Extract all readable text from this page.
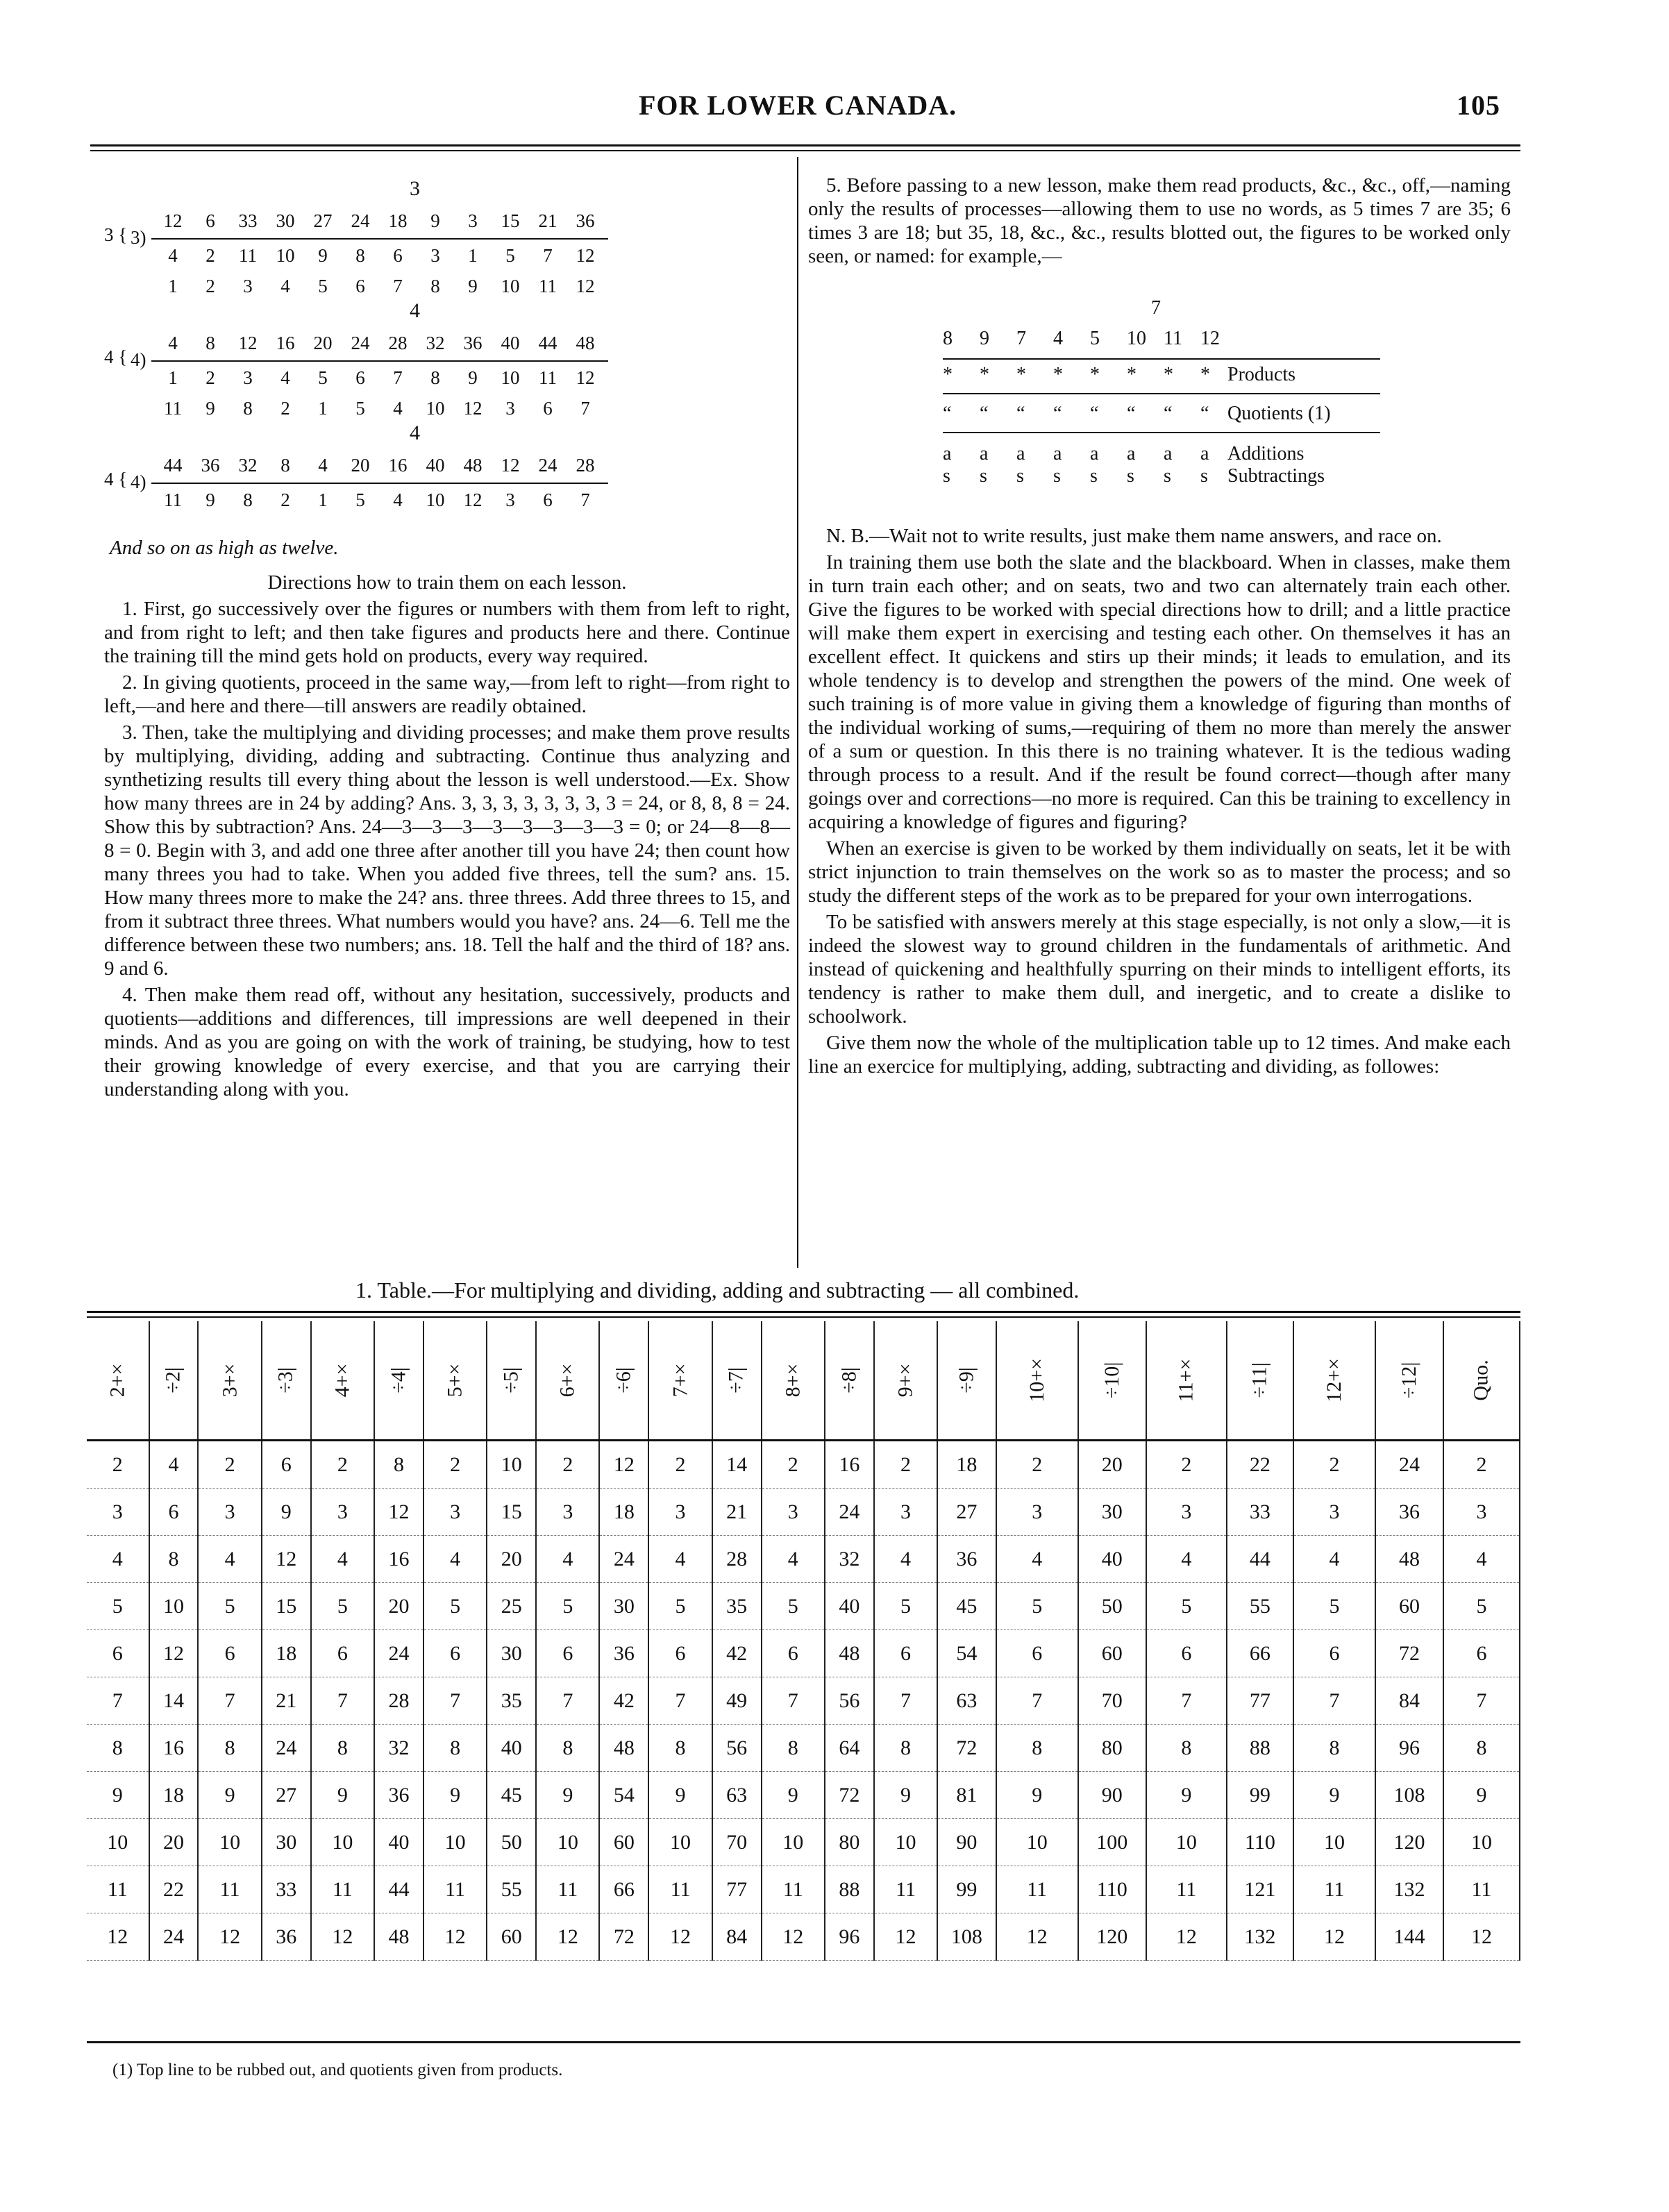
FOR LOWER CANADA.	105
3
3 { 3)
12	6	33	30	27	24	18	9	3	15	21	36
4	2	11	10	9	8	6	3	1	5	7	12
1	2	3	4	5	6	7	8	9	10	11	12
4
4 { 4)
4	8	12	16	20	24	28	32	36	40	44	48
1	2	3	4	5	6	7	8	9	10	11	12
11	9	8	2	1	5	4	10	12	3	6	7
4
4 { 4)
44	36	32	8	4	20	16	40	48	12	24	28
11	9	8	2	1	5	4	10	12	3	6	7
And so on as high as twelve.

Directions how to train them on each lesson.

1. First, go successively over the figures or numbers with them from left to right, and from right to left; and then take figures and products here and there. Continue the training till the mind gets hold on products, every way required.

2. In giving quotients, proceed in the same way,—from left to right—from right to left,—and here and there—till answers are readily obtained.

3. Then, take the multiplying and dividing processes; and make them prove results by multiplying, dividing, adding and subtracting. Continue thus analyzing and synthetizing results till every thing about the lesson is well understood.—Ex. Show how many threes are in 24 by adding? Ans. 3, 3, 3, 3, 3, 3, 3, 3 = 24, or 8, 8, 8 = 24. Show this by subtraction? Ans. 24—3—3—3—3—3—3—3—3 = 0; or 24—8—8—8 = 0. Begin with 3, and add one three after another till you have 24; then count how many threes you had to take. When you added five threes, tell the sum? ans. 15. How many threes more to make the 24? ans. three threes. Add three threes to 15, and from it subtract three threes. What numbers would you have? ans. 24—6. Tell me the difference between these two numbers; ans. 18. Tell the half and the third of 18? ans. 9 and 6.

4. Then make them read off, without any hesitation, successively, products and quotients—additions and differences, till impressions are well deepened in their minds. And as you are going on with the work of training, be studying, how to test their growing knowledge of every exercise, and that you are carrying their understanding along with you.

5. Before passing to a new lesson, make them read products, &c., &c., off,—naming only the results of processes—allowing them to use no words, as 5 times 7 are 35; 6 times 3 are 18; but 35, 18, &c., &c., results blotted out, the figures to be worked only seen, or named: for example,—

7
8	9	7	4	5	10 11 12
*	*	*	*	*	*	*	* Products
“	“	“	“	“	“	“	“ Quotients (1)
a	a	a	a	a	a	a	a Additions
s	s	s	s	s	s	s	s	Subtractings

N. B.—Wait not to write results, just make them name answers, and race on.

In training them use both the slate and the blackboard. When in classes, make them in turn train each other; and on seats, two and two can alternately train each other. Give the figures to be worked with special directions how to drill; and a little practice will make them expert in exercising and testing each other. On themselves it has an excellent effect. It quickens and stirs up their minds; it leads to emulation, and its whole tendency is to develop and strengthen the powers of the mind. One week of such training is of more value in giving them a knowledge of figuring than months of the individual working of sums,—requiring of them no more than merely the answer of a sum or question. In this there is no training whatever. It is the tedious wading through process to a result. And if the result be found correct—though after many goings over and corrections—no more is required. Can this be training to excellency in acquiring a knowledge of figures and figuring?

When an exercise is given to be worked by them individually on seats, let it be with strict injunction to train themselves on the work so as to master the process; and so study the different steps of the work as to be prepared for your own interrogations.

To be satisfied with answers merely at this stage especially, is not only a slow,—it is indeed the slowest way to ground children in the fundamentals of arithmetic. And instead of quickening and healthfully spurring on their minds to intelligent efforts, its tendency is rather to make them dull, and inergetic, and to create a dislike to schoolwork.

Give them now the whole of the multiplication table up to 12 times. And make each line an exercice for multiplying, adding, subtracting and dividing, as followes:

1. Table.—For multiplying and dividing, adding and subtracting — all combined.
2+×	÷2|	3+×	÷3|	4+×	÷4|	5+×	÷5|	6+×	÷6|	7+×	÷7|	8+×	÷8|	9+×	÷9|	10+×	÷10|	11+×	÷11|	12+×	÷12|	Quo.
2	4	2	6	2	8	2	10	2	12	2	14	2	16	2	18	2	20	2	22	2	24	2
3	6	3	9	3	12	3	15	3	18	3	21	3	24	3	27	3	30	3	33	3	36	3
4	8	4	12	4	16	4	20	4	24	4	28	4	32	4	36	4	40	4	44	4	48	4
5	10	5	15	5	20	5	25	5	30	5	35	5	40	5	45	5	50	5	55	5	60	5
6	12	6	18	6	24	6	30	6	36	6	42	6	48	6	54	6	60	6	66	6	72	6
7	14	7	21	7	28	7	35	7	42	7	49	7	56	7	63	7	70	7	77	7	84	7
8	16	8	24	8	32	8	40	8	48	8	56	8	64	8	72	8	80	8	88	8	96	8
9	18	9	27	9	36	9	45	9	54	9	63	9	72	9	81	9	90	9	99	9	108	9
10	20	10	30	10	40	10	50	10	60	10	70	10	80	10	90	10	100	10	110	10	120	10
11	22	11	33	11	44	11	55	11	66	11	77	11	88	11	99	11	110	11	121	11	132	11
12	24	12	36	12	48	12	60	12	72	12	84	12	96	12	108	12	120	12	132	12	144	12
(1) Top line to be rubbed out, and quotients given from products.
